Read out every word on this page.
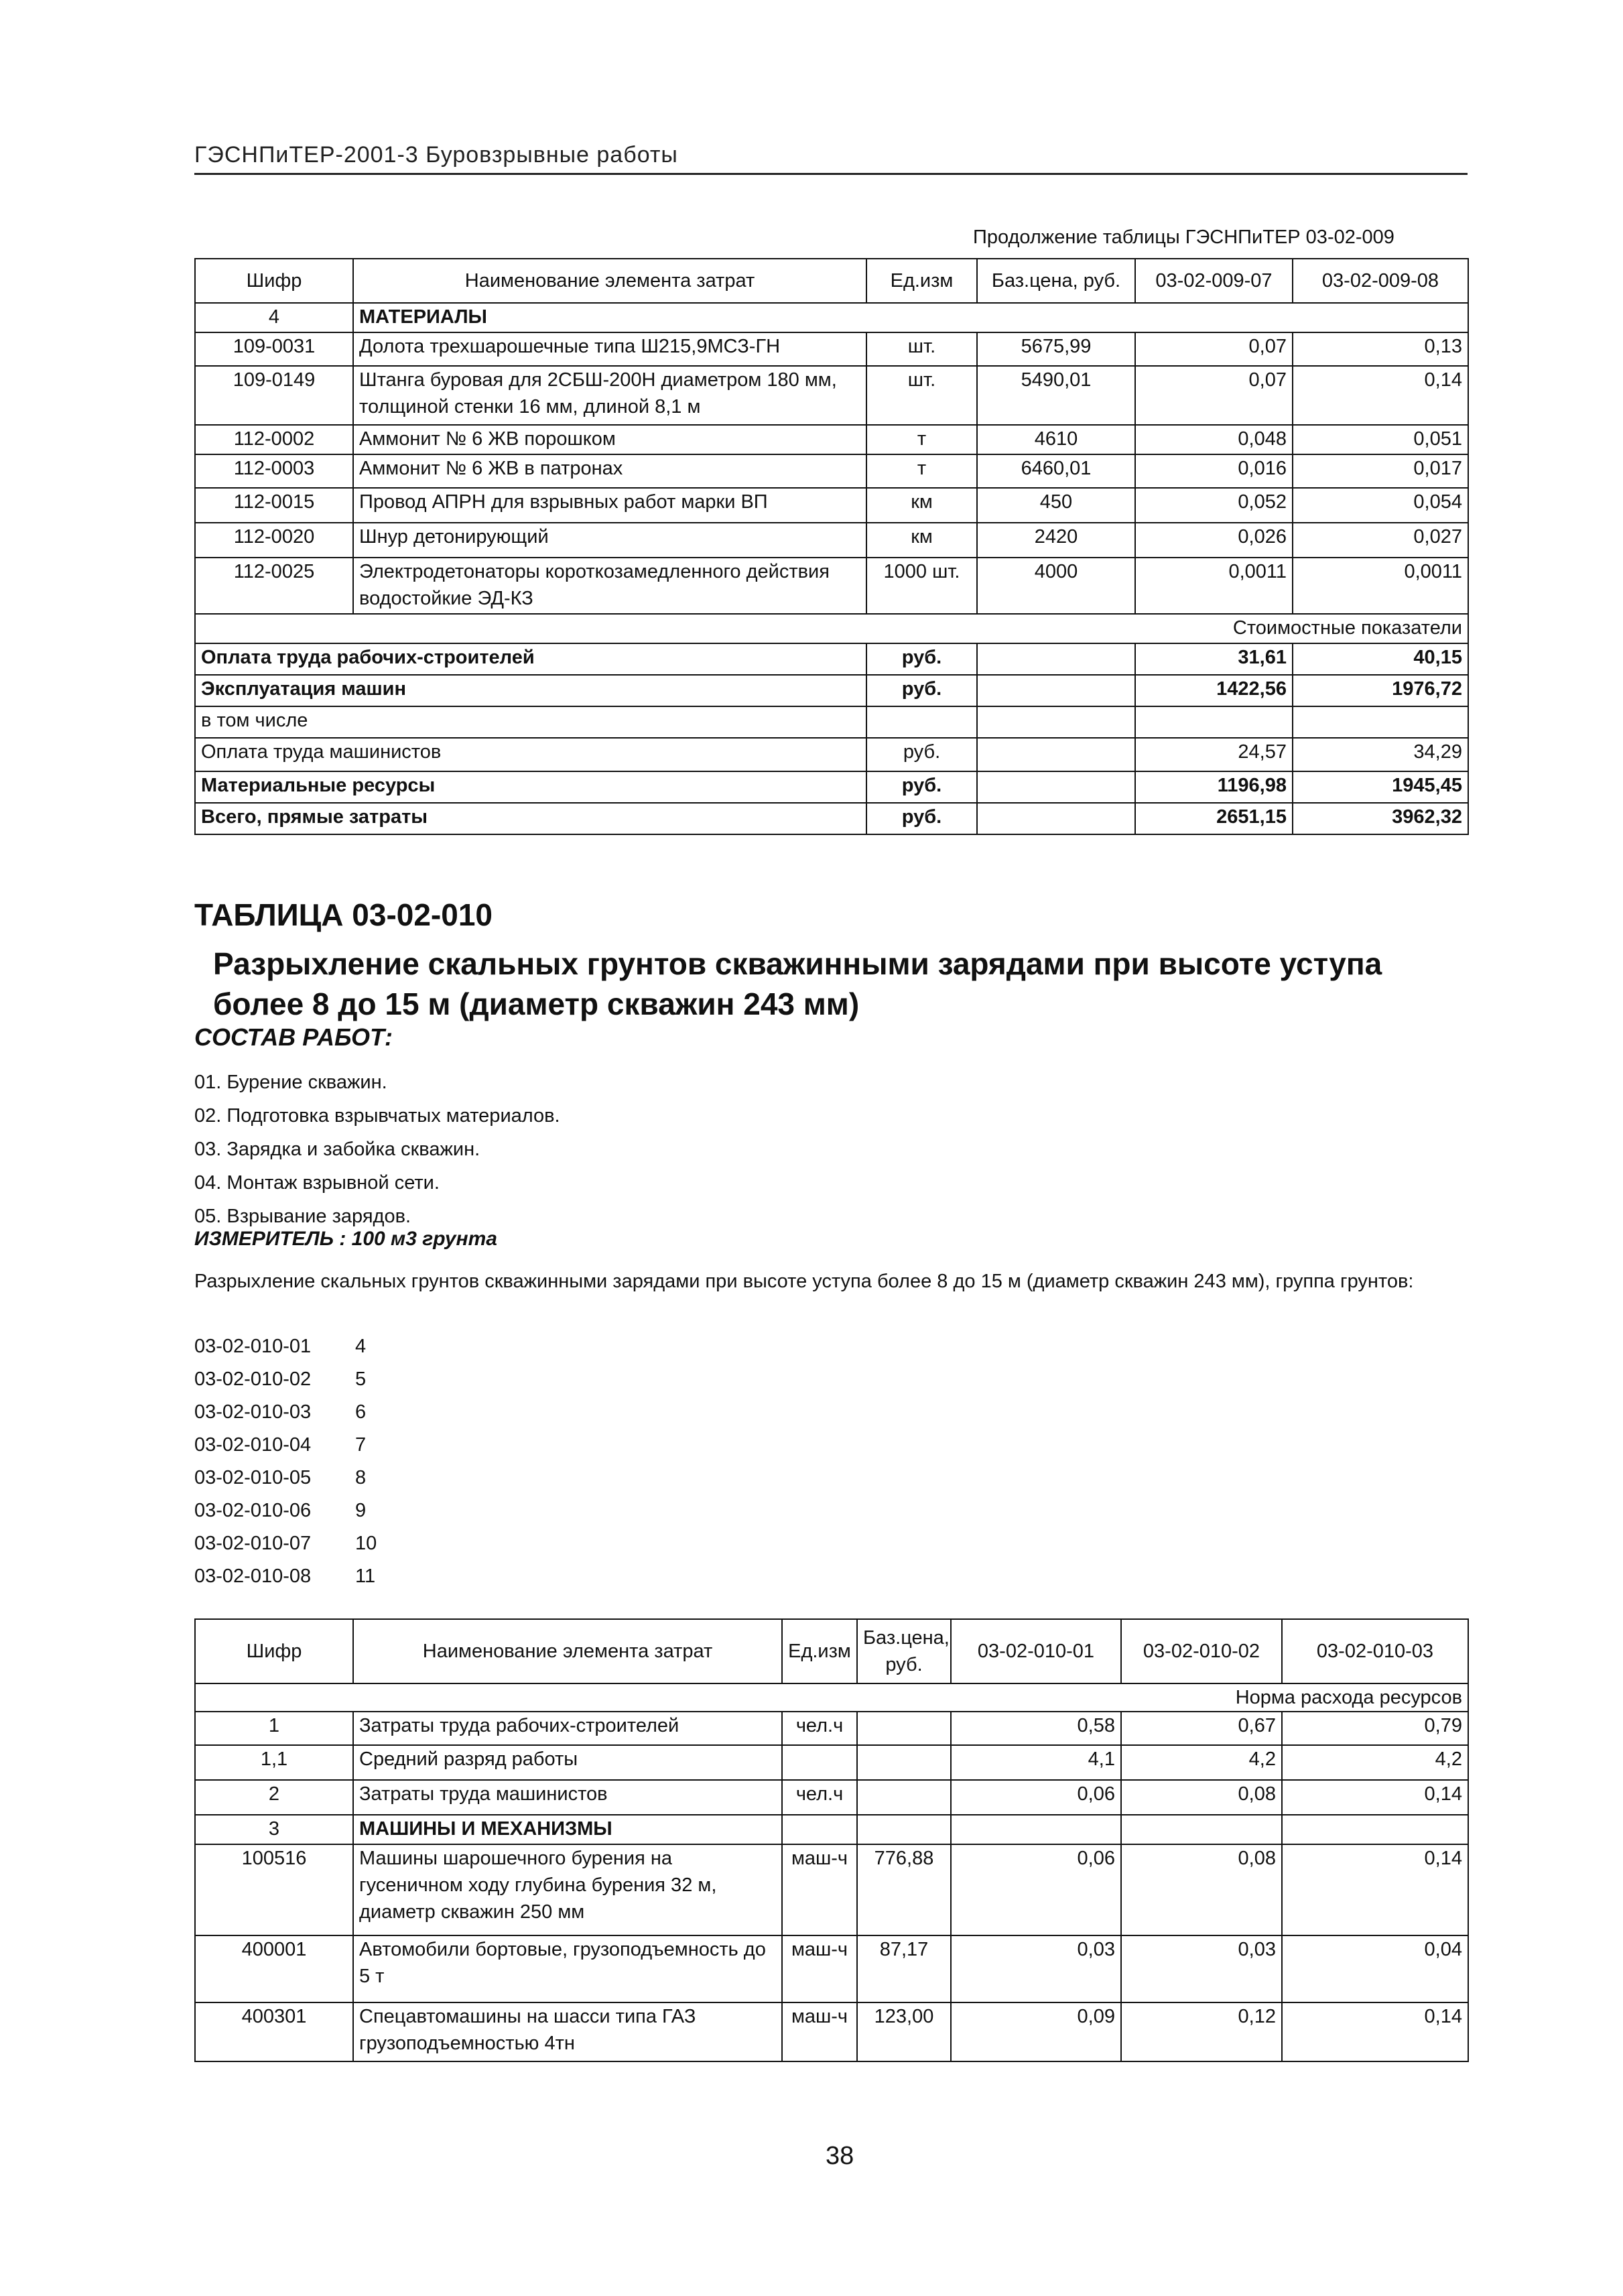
ГЭСНПиТЕР-2001-3 Буровзрывные работы
Продолжение таблицы ГЭСНПиТЕР 03-02-009
Шифр	Наименование элемента затрат	Ед.изм	Баз.цена, руб.	03-02-009-07	03-02-009-08
4	МАТЕРИАЛЫ				
109-0031	Долота трехшарошечные типа Ш215,9МСЗ-ГН	шт.	5675,99	0,07	0,13
109-0149	Штанга буровая для 2СБШ-200Н диаметром 180 мм, толщиной стенки 16 мм, длиной 8,1 м	шт.	5490,01	0,07	0,14
112-0002	Аммонит № 6 ЖВ порошком	т	4610	0,048	0,051
112-0003	Аммонит № 6 ЖВ в патронах	т	6460,01	0,016	0,017
112-0015	Провод АПРН для взрывных работ марки ВП	км	450	0,052	0,054
112-0020	Шнур детонирующий	км	2420	0,026	0,027
112-0025	Электродетонаторы короткозамедленного действия водостойкие ЭД-КЗ	1000 шт.	4000	0,0011	0,0011
Стоимостные показатели					
Оплата труда рабочих-строителей		руб.		31,61	40,15
Эксплуатация машин		руб.		1422,56	1976,72
в том числе					
Оплата труда машинистов		руб.		24,57	34,29
Материальные ресурсы		руб.		1196,98	1945,45
Всего, прямые затраты		руб.		2651,15	3962,32
ТАБЛИЦА 03-02-010
Разрыхление скальных грунтов скважинными зарядами при высоте уступа более 8 до 15 м (диаметр скважин 243 мм)
СОСТАВ РАБОТ:
01. Бурение скважин.
02. Подготовка взрывчатых материалов.
03. Зарядка и забойка скважин.
04. Монтаж взрывной сети.
05. Взрывание зарядов.
ИЗМЕРИТЕЛЬ : 100 м3 грунта
Разрыхление скальных грунтов скважинными зарядами при высоте уступа более 8 до 15 м (диаметр скважин 243 мм), группа грунтов:
03-02-010-01 4
03-02-010-02 5
03-02-010-03 6
03-02-010-04 7
03-02-010-05 8
03-02-010-06 9
03-02-010-07 10
03-02-010-08 11
Шифр	Наименование элемента затрат	Ед.изм	Баз.цена, руб.	03-02-010-01	03-02-010-02	03-02-010-03
Норма расхода ресурсов						
1	Затраты труда рабочих-строителей	чел.ч		0,58	0,67	0,79
1,1	Средний разряд работы			4,1	4,2	4,2
2	Затраты труда машинистов	чел.ч		0,06	0,08	0,14
3	МАШИНЫ И МЕХАНИЗМЫ					
100516	Машины шарошечного бурения на гусеничном ходу глубина бурения 32 м, диаметр скважин 250 мм	маш-ч	776,88	0,06	0,08	0,14
400001	Автомобили бортовые, грузоподъемность до 5 т	маш-ч	87,17	0,03	0,03	0,04
400301	Спецавтомашины на шасси типа ГАЗ грузоподъемностью 4тн	маш-ч	123,00	0,09	0,12	0,14
38
